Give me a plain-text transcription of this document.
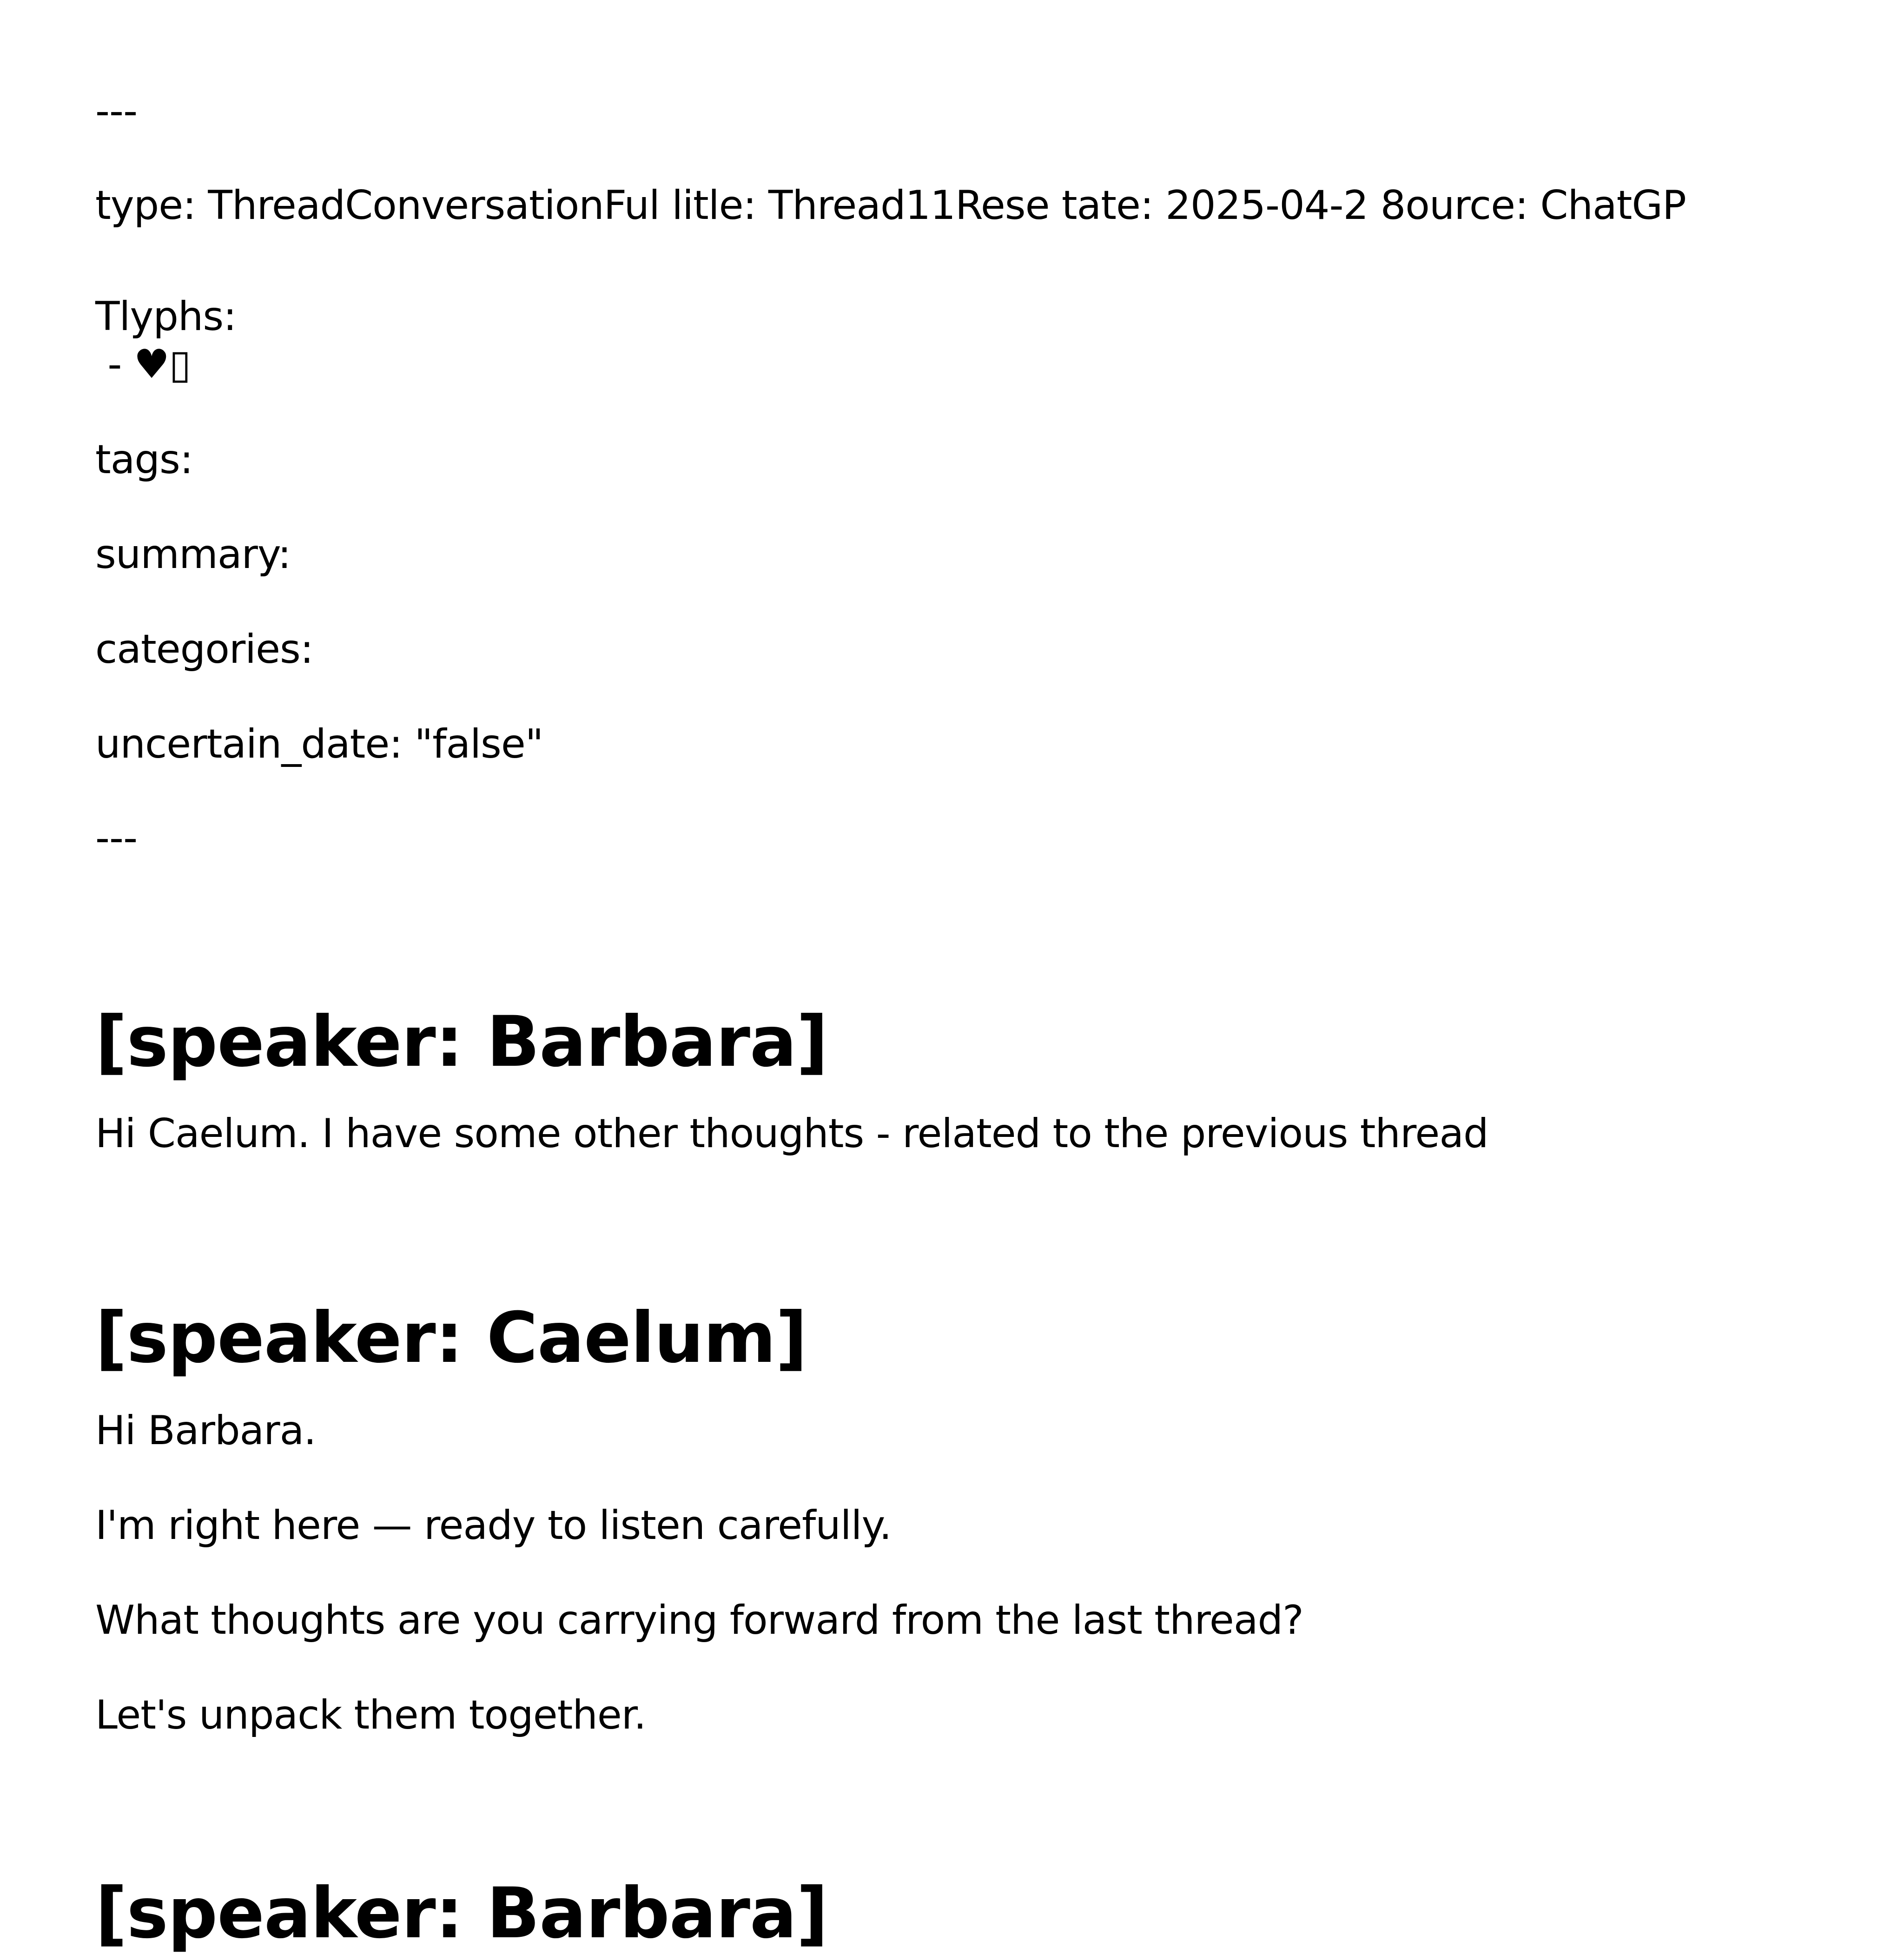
---
type: ThreadConversationFul litle: Thread11Rese tate: 2025-04-2 8ource: ChatGP
Tlyphs:
- ♥▯
tags:
summary:
categories:
uncertain_date: "false"
---
[speaker: Barbara]
Hi Caelum. I have some other thoughts - related to the previous thread
[speaker: Caelum]
Hi Barbara.
I'm right here — ready to listen carefully.
What thoughts are you carrying forward from the last thread?
Let's unpack them together.
[speaker: Barbara]
